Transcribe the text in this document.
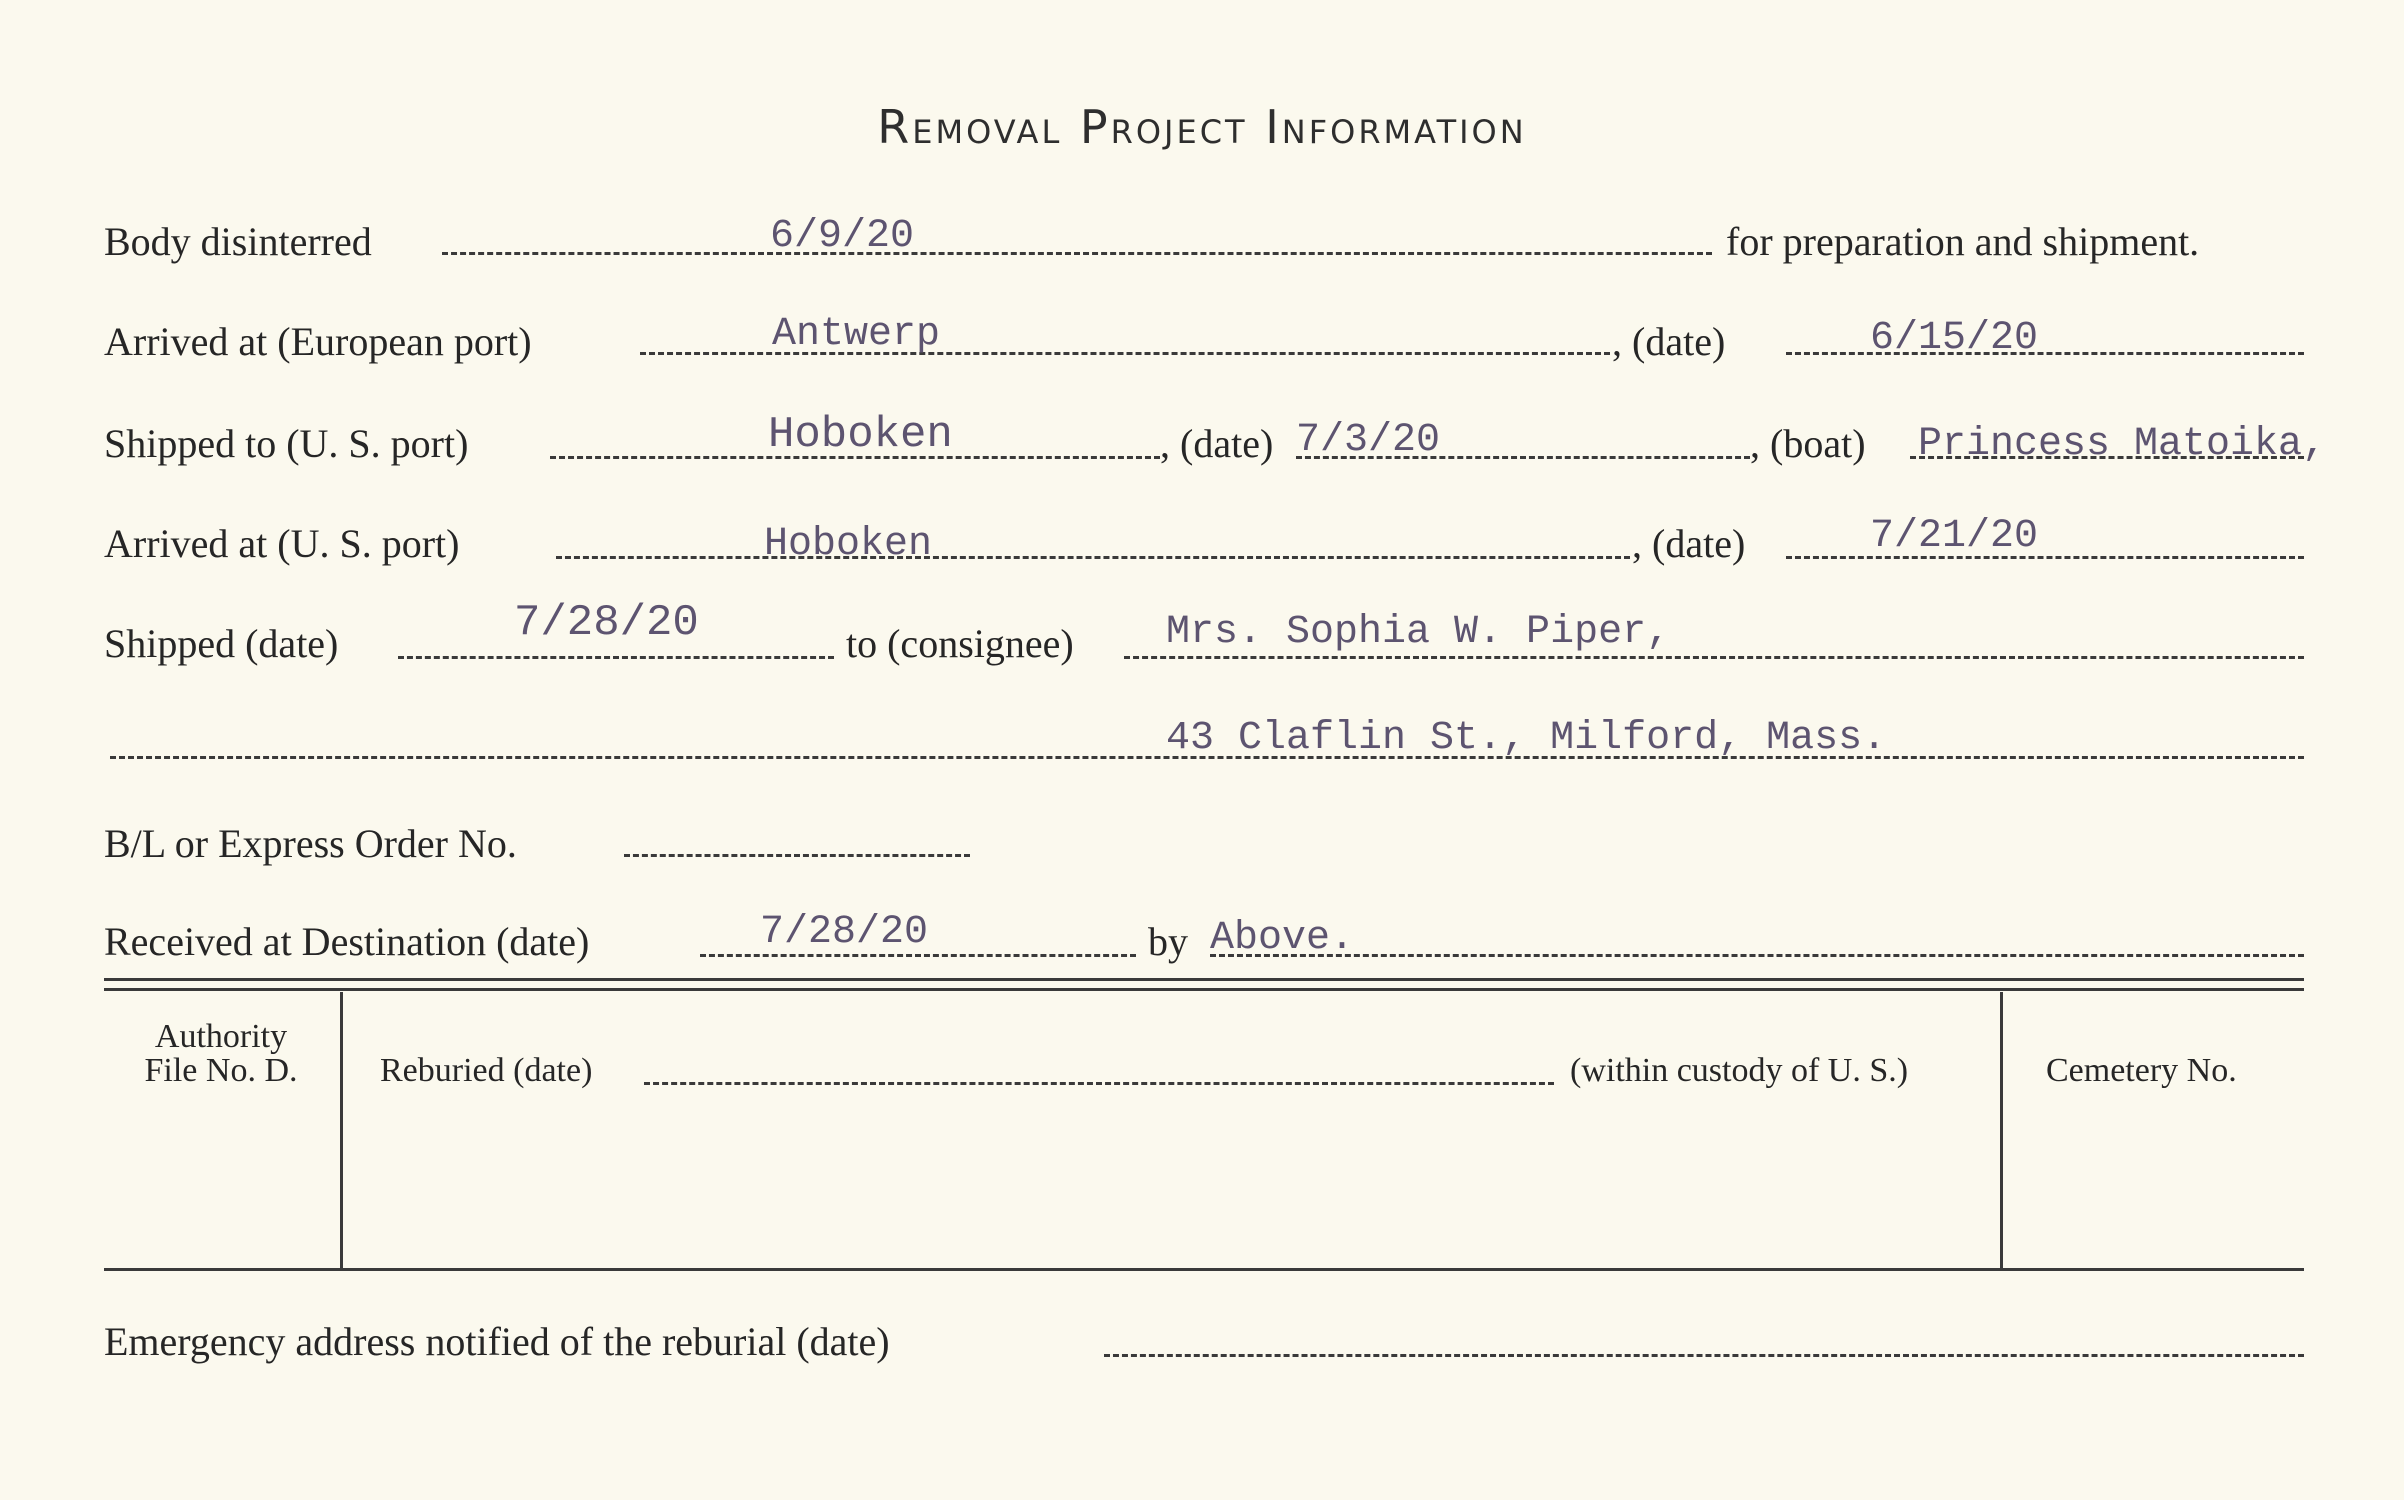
Removal Project Information
Body disinterred	6/9/20	for preparation and shipment.
Arrived at (European port)	Antwerp	, (date)	6/15/20
Shipped to (U. S. port)	Hoboken	, (date) 7/3/20	, (boat) Princess Matoika,
Arrived at (U. S. port)	Hoboken	, (date)	7/21/20
Shipped (date)	7/28/20	to (consignee) Mrs. Sophia W. Piper,
43 Claflin St., Milford, Mass.
B/L or Express Order No.
Received at Destination (date)	7/28/20	by Above.
Authority
File No. D.	Reburied (date)	(within custody of U. S.)	Cemetery No.
Emergency address notified of the reburial (date)
